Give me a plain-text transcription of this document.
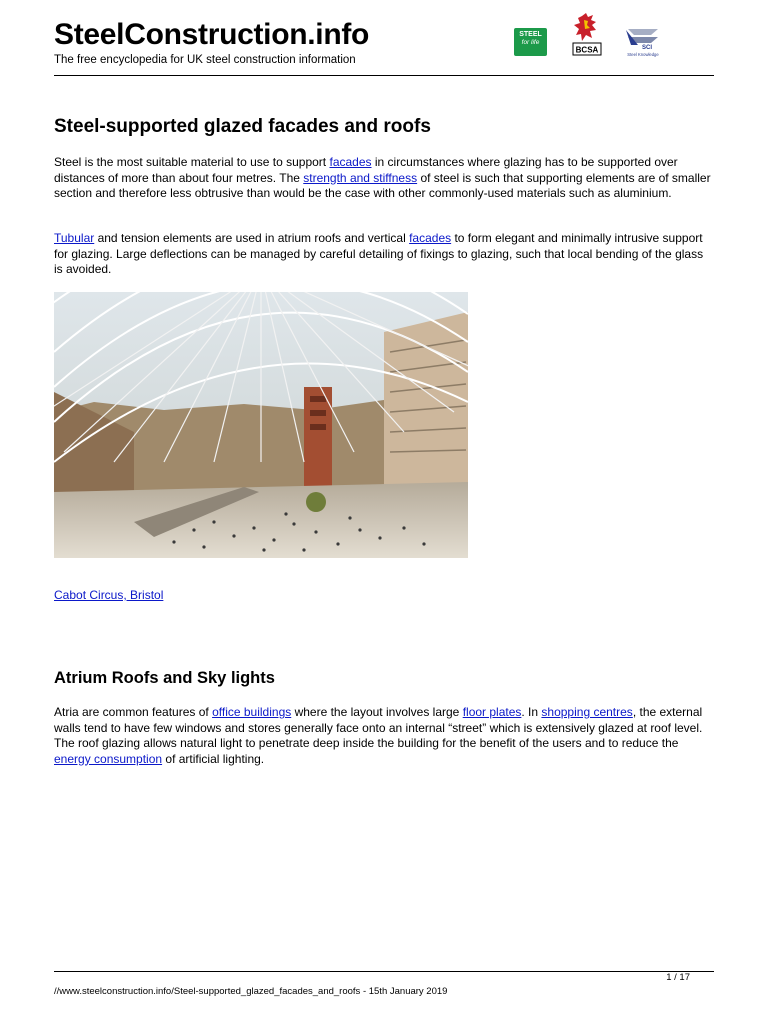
SteelConstruction.info
The free encyclopedia for UK steel construction information
STEEL
for life
BCSA	SCI
Steel Knowledge
Steel-supported glazed facades and roofs

Steel is the most suitable material to use to support facades in circumstances where glazing has to be supported over distances of more than about four metres. The strength and stiffness of steel is such that supporting elements are of smaller section and therefore less obtrusive than would be the case with other commonly-used materials such as aluminium.

Tubular and tension elements are used in atrium roofs and vertical facades to form elegant and minimally intrusive support for glazing. Large deflections can be managed by careful detailing of fixings to glazing, such that local bending of the glass is avoided.

Cabot Circus, Bristol
Atrium Roofs and Sky lights

Atria are common features of office buildings where the layout involves large floor plates. In shopping centres, the external walls tend to have few windows and stores generally face onto an internal “street” which is extensively glazed at roof level. The roof glazing allows natural light to penetrate deep inside the building for the benefit of the users and to reduce the energy consumption of artificial lighting.

1 / 17
//www.steelconstruction.info/Steel-supported_glazed_facades_and_roofs - 15th January 2019
